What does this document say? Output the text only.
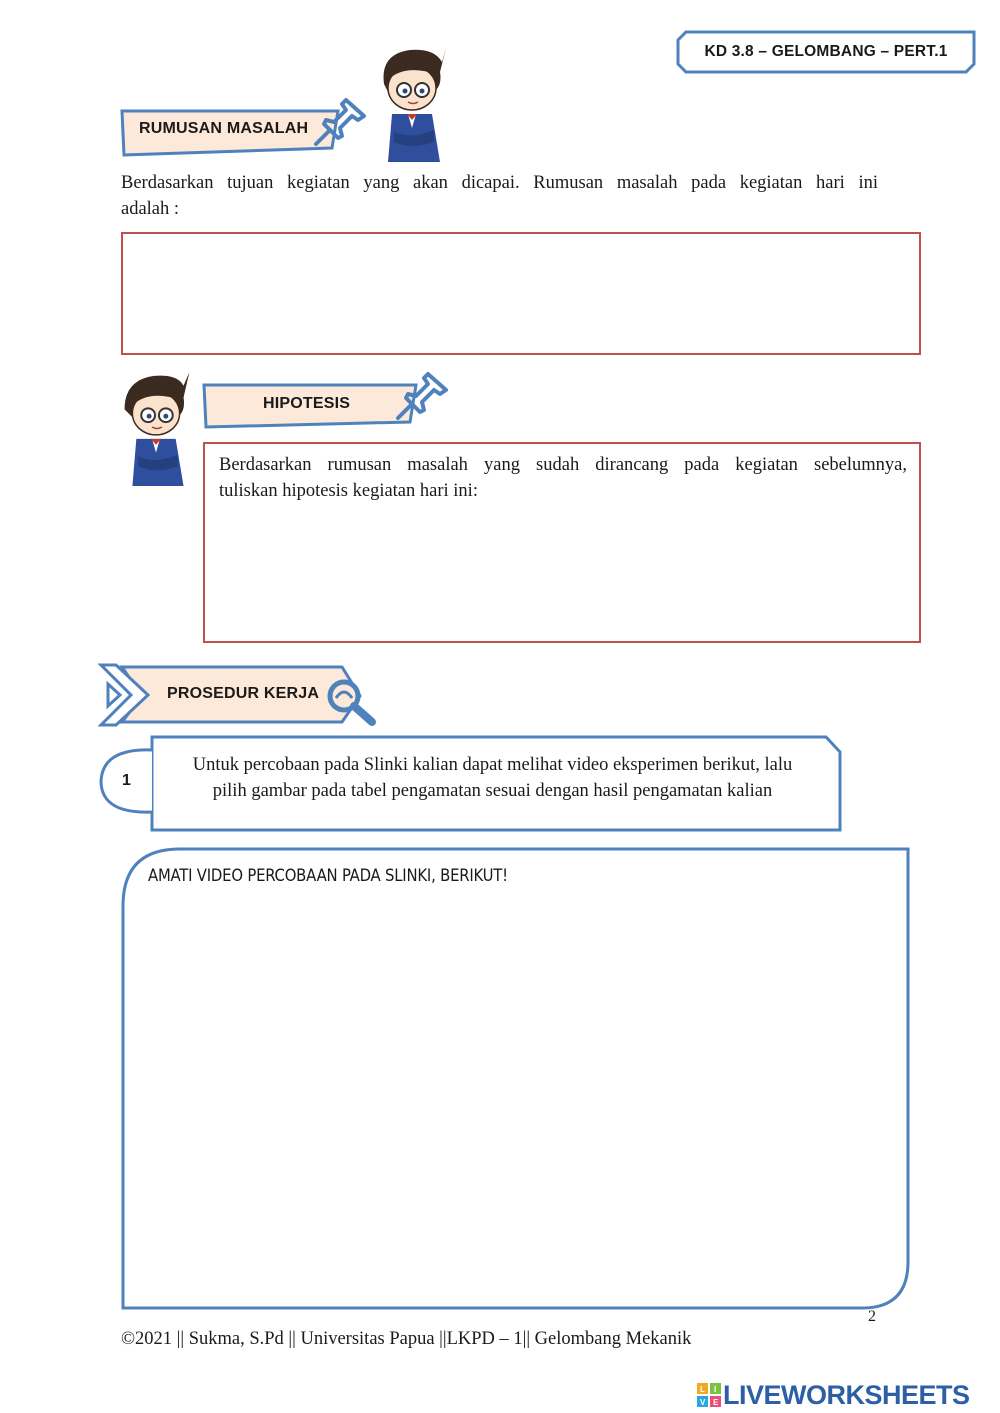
KD 3.8 – GELOMBANG – PERT.1
RUMUSAN MASALAH
Berdasarkan tujuan kegiatan yang akan dicapai. Rumusan masalah pada kegiatan hari ini
adalah :
HIPOTESIS
Berdasarkan rumusan masalah yang sudah dirancang pada kegiatan sebelumnya,
tuliskan hipotesis kegiatan hari ini:
PROSEDUR KERJA
1
Untuk percobaan pada Slinki kalian dapat melihat video eksperimen berikut, lalu
pilih gambar pada tabel pengamatan sesuai dengan hasil pengamatan kalian
AMATI VIDEO PERCOBAAN PADA SLINKI, BERIKUT!
2
©2021 || Sukma, S.Pd || Universitas Papua ||LKPD – 1|| Gelombang Mekanik
L I
V E LIVEWORKSHEETS
